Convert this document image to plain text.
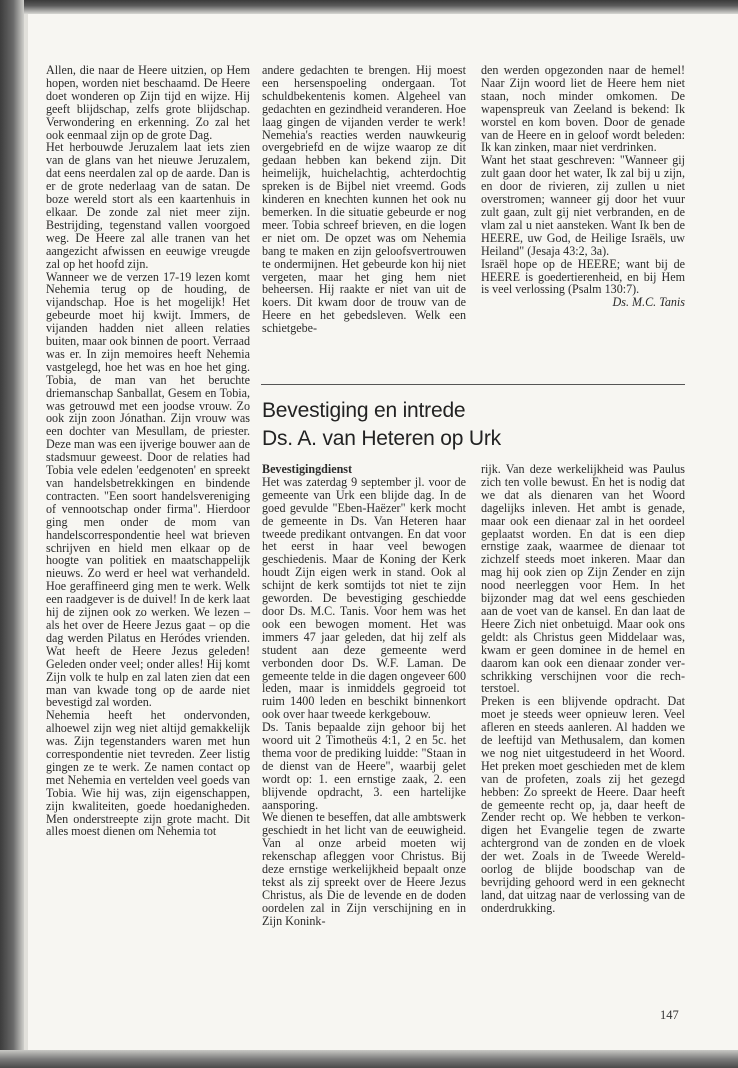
Allen, die naar de Heere uitzien, op Hem hopen, worden niet beschaamd. De Heere doet wonderen op Zijn tijd en wijze. Hij geeft blijdschap, zelfs grote blijdschap. Verwondering en erkenning. Zo zal het ook eenmaal zijn op de grote Dag.

Het herbouwde Jeruzalem laat iets zien van de glans van het nieuwe Jeruzalem, dat eens neerdalen zal op de aarde. Dan is er de grote nederlaag van de satan. De boze wereld stort als een kaartenhuis in elkaar. De zonde zal niet meer zijn. Bestrijding, tegenstand vallen voorgoed weg. De Heere zal alle tranen van het aangezicht afwissen en eeuwige vreugde zal op het hoofd zijn.

Wanneer we de verzen 17-19 lezen komt Nehemia terug op de houding, de vijandschap. Hoe is het mogelijk! Het gebeurde moet hij kwijt. Immers, de vijanden hadden niet alleen relaties buiten, maar ook binnen de poort. Verraad was er. In zijn memoires heeft Nehemia vastgelegd, hoe het was en hoe het ging. Tobia, de man van het beruchte driemanschap Sanballat, Gesem en Tobia, was getrouwd met een joodse vrouw. Zo ook zijn zoon Jónathan. Zijn vrouw was een dochter van Mesullam, de priester. Deze man was een ijverige bouwer aan de stadsmuur geweest. Door de relaties had Tobia vele edelen 'eedgenoten' en spreekt van handelsbetrekkingen en bindende contracten. "Een soort handelsvereniging of vennootschap onder firma". Hierdoor ging men onder de mom van handelscorrespondentie heel wat brieven schrijven en hield men elkaar op de hoogte van politiek en maatschappelijk nieuws. Zo werd er heel wat verhandeld. Hoe geraffineerd ging men te werk. Welk een raadgever is de duivel! In de kerk laat hij de zijnen ook zo werken. We lezen – als het over de Heere Jezus gaat – op die dag werden Pilatus en Heródes vrienden. Wat heeft de Heere Jezus geleden! Geleden onder veel; onder alles! Hij komt Zijn volk te hulp en zal laten zien dat een man van kwade tong op de aarde niet bevestigd zal worden.

Nehemia heeft het ondervonden, alhoewel zijn weg niet altijd gemakkelijk was. Zijn tegenstanders waren met hun correspondentie niet tevreden. Zeer listig gingen ze te werk. Ze namen contact op met Nehemia en vertelden veel goeds van Tobia. Wie hij was, zijn eigenschappen, zijn kwaliteiten, goede hoedanigheden. Men onderstreepte zijn grote macht. Dit alles moest dienen om Nehemia tot

andere gedachten te brengen. Hij moest een hersenspoeling ondergaan. Tot schuldbekentenis komen. Algeheel van gedachten en gezindheid veranderen. Hoe laag gingen de vijanden verder te werk! Nemehia's reacties werden nauwkeurig overgebriefd en de wijze waarop ze dit gedaan hebben kan bekend zijn. Dit heimelijk, huichelachtig, achterdochtig spreken is de Bijbel niet vreemd. Gods kinderen en knechten kunnen het ook nu bemerken. In die situatie gebeurde er nog meer. Tobia schreef brieven, en die logen er niet om. De opzet was om Nehemia bang te maken en zijn geloofsvertrouwen te ondermijnen. Het gebeurde kon hij niet vergeten, maar het ging hem niet beheersen. Hij raakte er niet van uit de koers. Dit kwam door de trouw van de Heere en het gebedsleven. Welk een schietgebe-

den werden opgezonden naar de hemel! Naar Zijn woord liet de Heere hem niet staan, noch minder omkomen. De wapenspreuk van Zeeland is bekend: Ik worstel en kom boven. Door de genade van de Heere en in geloof wordt beleden: Ik kan zinken, maar niet verdrinken.

Want het staat geschreven: "Wanneer gij zult gaan door het water, Ik zal bij u zijn, en door de rivieren, zij zullen u niet overstromen; wanneer gij door het vuur zult gaan, zult gij niet verbranden, en de vlam zal u niet aansteken. Want Ik ben de HEERE, uw God, de Heilige Israëls, uw Heiland" (Jesaja 43:2, 3a).

Israël hope op de HEERE; want bij de HEERE is goedertierenheid, en bij Hem is veel verlossing (Psalm 130:7).

Ds. M.C. Tanis

Bevestiging en intrede
Ds. A. van Heteren op Urk

Bevestigingdienst

Het was zaterdag 9 september jl. voor de gemeente van Urk een blijde dag. In de goed gevulde "Eben-Haëzer" kerk mocht de gemeente in Ds. Van Heteren haar tweede predikant ontvangen. En dat voor het eerst in haar veel bewogen geschiedenis. Maar de Koning der Kerk houdt Zijn eigen werk in stand. Ook al schijnt de kerk somtijds tot niet te zijn geworden. De bevestiging geschiedde door Ds. M.C. Tanis. Voor hem was het ook een bewogen moment. Het was immers 47 jaar geleden, dat hij zelf als student aan deze gemeente werd verbonden door Ds. W.F. Laman. De gemeente telde in die dagen ongeveer 600 leden, maar is inmiddels gegroeid tot ruim 1400 leden en beschikt binnenkort ook over haar tweede kerkgebouw.

Ds. Tanis bepaalde zijn gehoor bij het woord uit 2 Timotheüs 4:1, 2 en 5c. het thema voor de prediking luidde: "Staan in de dienst van de Heere", waarbij gelet wordt op: 1. een ernstige zaak, 2. een blijvende opdracht, 3. een hartelijke aansporing.

We dienen te beseffen, dat alle ambtswerk geschiedt in het licht van de eeuwigheid. Van al onze arbeid moeten wij rekenschap afleggen voor Christus. Bij deze ernstige werkelijkheid bepaalt onze tekst als zij spreekt over de Heere Jezus Christus, als Die de levende en de doden oordelen zal in Zijn verschijning en in Zijn Konink-

rijk. Van deze werkelijkheid was Paulus zich ten volle bewust. En het is nodig dat we dat als dienaren van het Woord dagelijks inleven. Het ambt is genade, maar ook een dienaar zal in het oordeel geplaatst worden. En dat is een diep ernstige zaak, waarmee de dienaar tot zichzelf steeds moet inkeren. Maar dan mag hij ook zien op Zijn Zender en zijn nood neerleggen voor Hem. In het bijzonder mag dat wel eens geschieden aan de voet van de kansel. En dan laat de Heere Zich niet onbetuigd. Maar ook ons geldt: als Christus geen Middelaar was, kwam er geen dominee in de hemel en daarom kan ook een dienaar zonder verschrikking verschijnen voor die rechterstoel.

Preken is een blijvende opdracht. Dat moet je steeds weer opnieuw leren. Veel afleren en steeds aanleren. Al hadden we de leeftijd van Methusalem, dan komen we nog niet uitgestudeerd in het Woord. Het preken moet geschieden met de klem van de profeten, zoals zij het gezegd hebben: Zo spreekt de Heere. Daar heeft de gemeente recht op, ja, daar heeft de Zender recht op. We hebben te verkondigen het Evangelie tegen de zwarte achtergrond van de zonden en de vloek der wet. Zoals in de Tweede Wereldoorlog de blijde boodschap van de bevrijding gehoord werd in een geknecht land, dat uitzag naar de verlossing van de onderdrukking.

147
